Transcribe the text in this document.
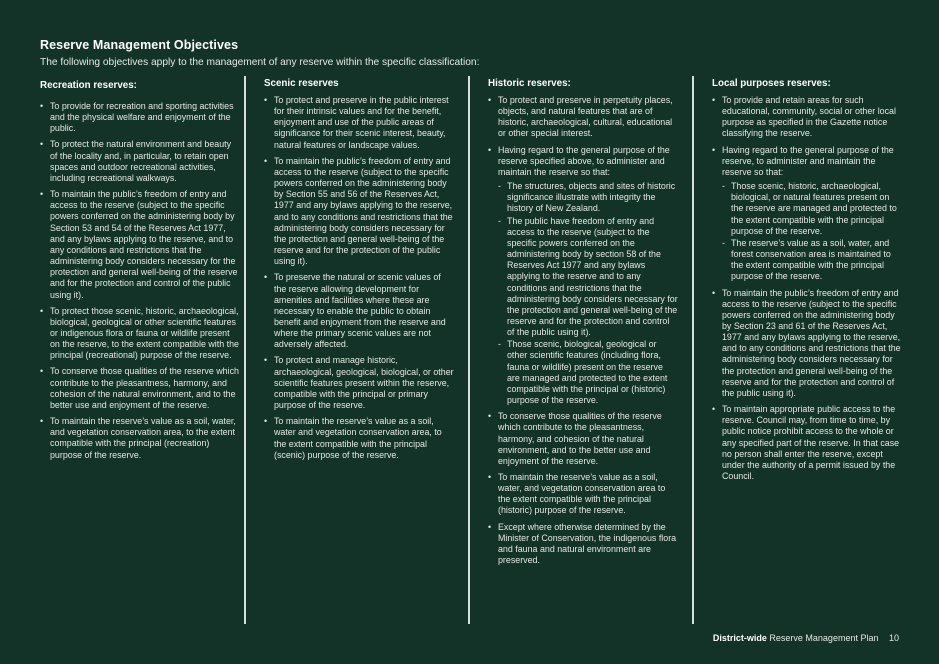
Reserve Management Objectives
The following objectives apply to the management of any reserve within the specific classification:
Recreation reserves:
• To provide for recreation and sporting activities and the physical welfare and enjoyment of the public.
• To protect the natural environment and beauty of the locality and, in particular, to retain open spaces and outdoor recreational activities, including recreational walkways.
• To maintain the public’s freedom of entry and access to the reserve (subject to the specific powers conferred on the administering body by Section 53 and 54 of the Reserves Act 1977, and any bylaws applying to the reserve, and to any conditions and restrictions that the administering body considers necessary for the protection and general well-being of the reserve and for the protection and control of the public using it).
• To protect those scenic, historic, archaeological, biological, geological or other scientific features or indigenous flora or fauna or wildlife present on the reserve, to the extent compatible with the principal (recreational) purpose of the reserve.
• To conserve those qualities of the reserve which contribute to the pleasantness, harmony, and cohesion of the natural environment, and to the better use and enjoyment of the reserve.
• To maintain the reserve’s value as a soil, water, and vegetation conservation area, to the extent compatible with the principal (recreation) purpose of the reserve.
Scenic reserves
• To protect and preserve in the public interest for their intrinsic values and for the benefit, enjoyment and use of the public areas of significance for their scenic interest, beauty, natural features or landscape values.
• To maintain the public’s freedom of entry and access to the reserve (subject to the specific powers conferred on the administering body by Section 55 and 56 of the Reserves Act, 1977 and any bylaws applying to the reserve, and to any conditions and restrictions that the administering body considers necessary for the protection and general well-being of the reserve and for the protection of the public using it).
• To preserve the natural or scenic values of the reserve allowing development for amenities and facilities where these are necessary to enable the public to obtain benefit and enjoyment from the reserve and where the primary scenic values are not adversely affected.
• To protect and manage historic, archaeological, geological, biological, or other scientific features present within the reserve, compatible with the principal or primary purpose of the reserve.
• To maintain the reserve’s value as a soil, water and vegetation conservation area, to the extent compatible with the principal (scenic) purpose of the reserve.
Historic reserves:
• To protect and preserve in perpetuity places, objects, and natural features that are of historic, archaeological, cultural, educational or other special interest.
• Having regard to the general purpose of the reserve specified above, to administer and maintain the reserve so that:
- The structures, objects and sites of historic significance illustrate with integrity the history of New Zealand.
- The public have freedom of entry and access to the reserve (subject to the specific powers conferred on the administering body by section 58 of the Reserves Act 1977 and any bylaws applying to the reserve and to any conditions and restrictions that the administering body considers necessary for the protection and general well-being of the reserve and for the protection and control of the public using it).
- Those scenic, biological, geological or other scientific features (including flora, fauna or wildlife) present on the reserve are managed and protected to the extent compatible with the principal or (historic) purpose of the reserve.
• To conserve those qualities of the reserve which contribute to the pleasantness, harmony, and cohesion of the natural environment, and to the better use and enjoyment of the reserve.
• To maintain the reserve’s value as a soil, water, and vegetation conservation area to the extent compatible with the principal (historic) purpose of the reserve.
• Except where otherwise determined by the Minister of Conservation, the indigenous flora and fauna and natural environment are preserved.
Local purposes reserves:
• To provide and retain areas for such educational, community, social or other local purpose as specified in the Gazette notice classifying the reserve.
• Having regard to the general purpose of the reserve, to administer and maintain the reserve so that:
- Those scenic, historic, archaeological, biological, or natural features present on the reserve are managed and protected to the extent compatible with the principal purpose of the reserve.
- The reserve’s value as a soil, water, and forest conservation area is maintained to the extent compatible with the principal purpose of the reserve.
• To maintain the public’s freedom of entry and access to the reserve (subject to the specific powers conferred on the administering body by Section 23 and 61 of the Reserves Act, 1977 and any bylaws applying to the reserve, and to any conditions and restrictions that the administering body considers necessary for the protection and general well-being of the reserve and for the protection and control of the public using it).
• To maintain appropriate public access to the reserve. Council may, from time to time, by public notice prohibit access to the whole or any specified part of the reserve. In that case no person shall enter the reserve, except under the authority of a permit issued by the Council.
District-wide Reserve Management Plan 10
